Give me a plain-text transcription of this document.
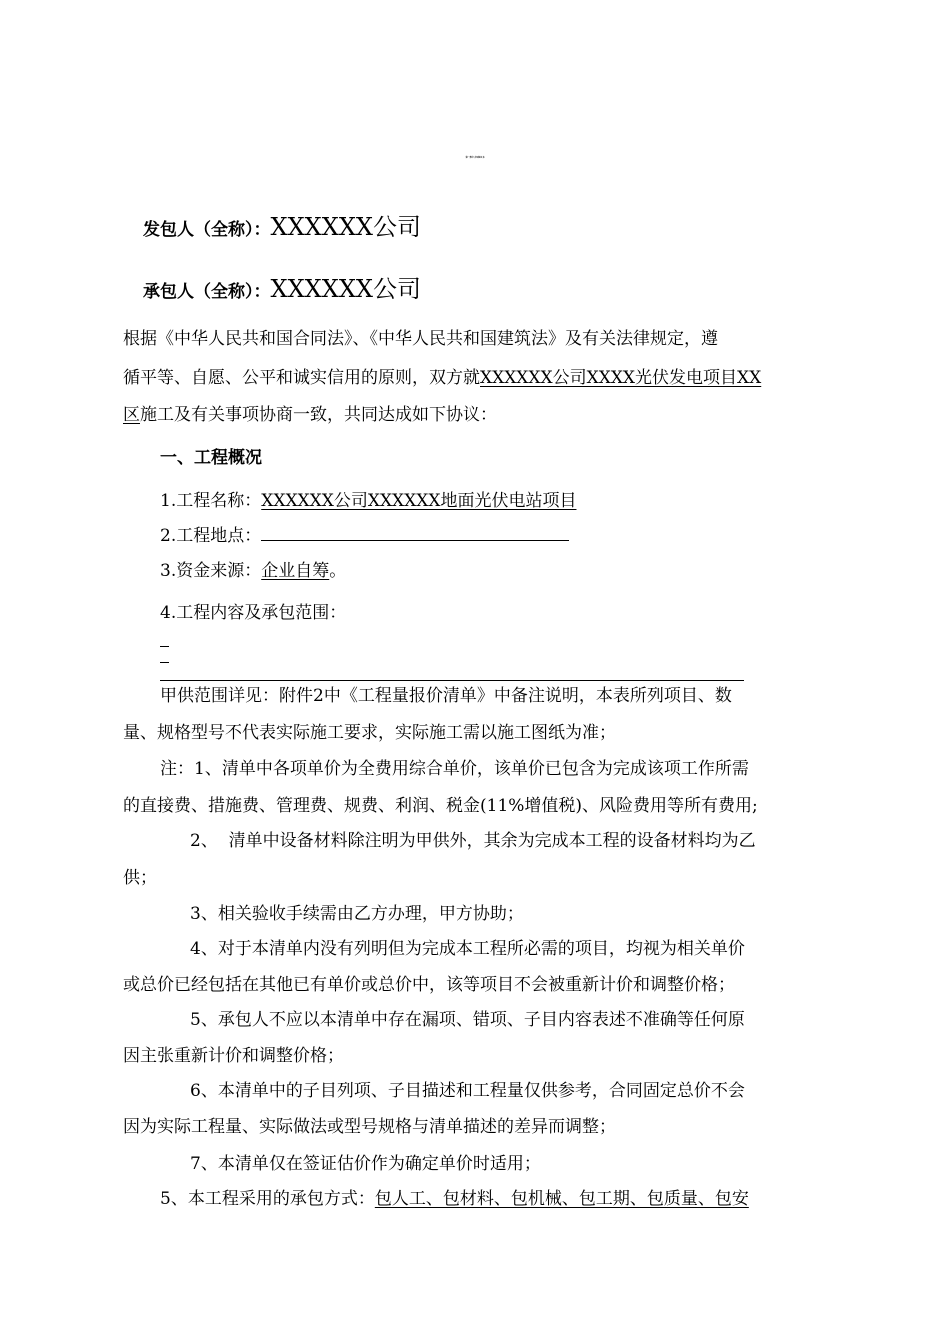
第一部分 合同协议书
发包人（全称）：XXXXXX公司
承包人（全称）：XXXXXX公司
根据《中华人民共和国合同法》、《中华人民共和国建筑法》及有关法律规定，遵
循平等、自愿、公平和诚实信用的原则，双方就XXXXXX公司XXXX光伏发电项目XX
区施工及有关事项协商一致，共同达成如下协议：
一、工程概况
1.工程名称：XXXXXX公司XXXXXX地面光伏电站项目
2.工程地点：
3.资金来源：企业自筹。
4.工程内容及承包范围：
甲供范围详见：附件2中《工程量报价清单》中备注说明，本表所列项目、数
量、规格型号不代表实际施工要求，实际施工需以施工图纸为准；
注：1、清单中各项单价为全费用综合单价，该单价已包含为完成该项工作所需
的直接费、措施费、管理费、规费、利润、税金(11%增值税)、风险费用等所有费用;
2、  清单中设备材料除注明为甲供外，其余为完成本工程的设备材料均为乙
供；
3、相关验收手续需由乙方办理，甲方协助；
4、对于本清单内没有列明但为完成本工程所必需的项目，均视为相关单价
或总价已经包括在其他已有单价或总价中，该等项目不会被重新计价和调整价格；
5、承包人不应以本清单中存在漏项、错项、子目内容表述不准确等任何原
因主张重新计价和调整价格；
6、本清单中的子目列项、子目描述和工程量仅供参考，合同固定总价不会
因为实际工程量、实际做法或型号规格与清单描述的差异而调整；
7、本清单仅在签证估价作为确定单价时适用；
5、本工程采用的承包方式：包人工、包材料、包机械、包工期、包质量、包安
